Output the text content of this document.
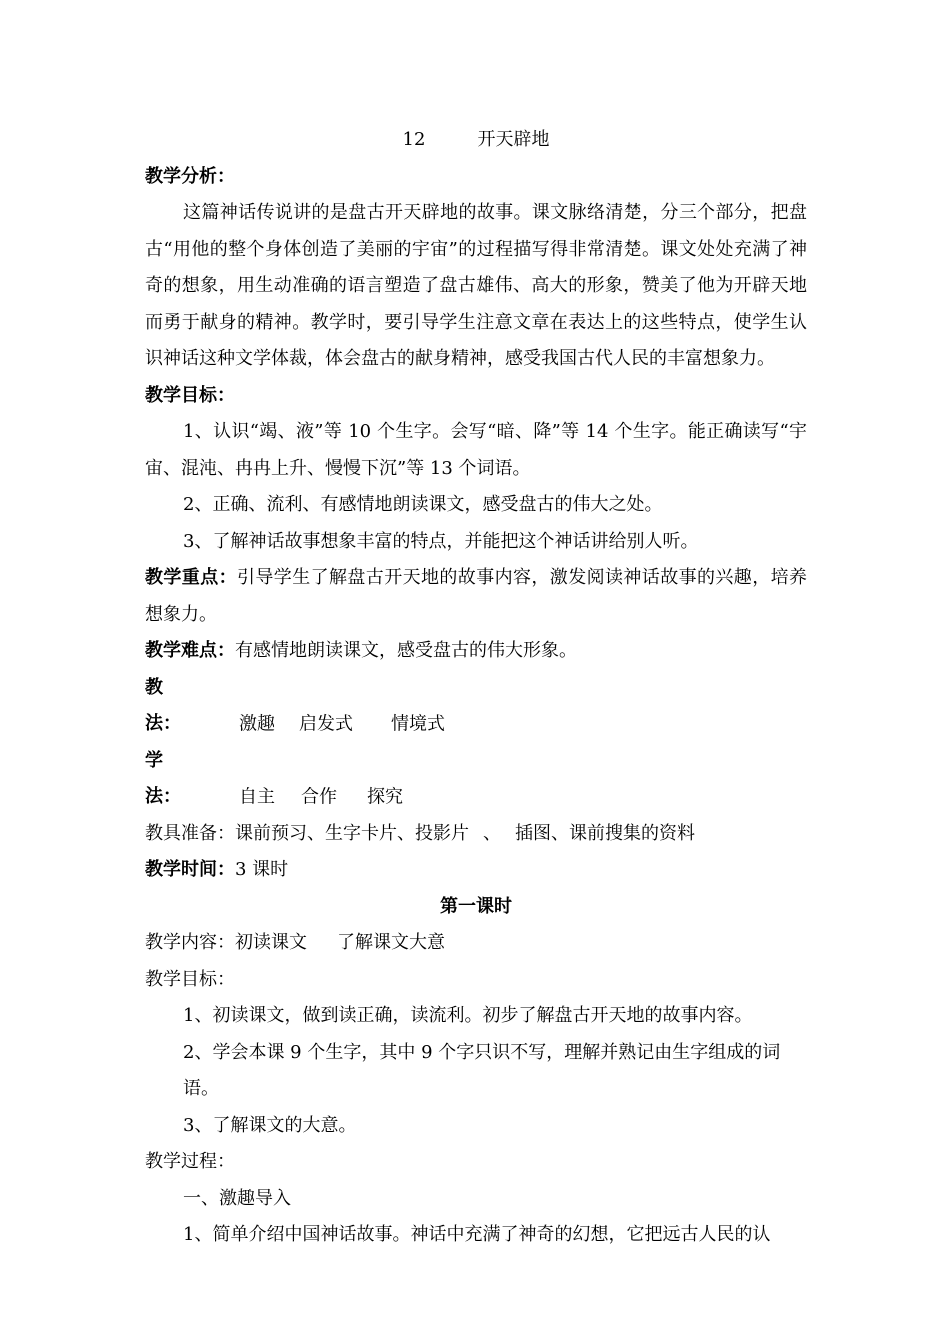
12	开天辟地

教学分析：

这篇神话传说讲的是盘古开天辟地的故事。课文脉络清楚，分三个部分，把盘古“用他的整个身体创造了美丽的宇宙”的过程描写得非常清楚。课文处处充满了神奇的想象，用生动准确的语言塑造了盘古雄伟、高大的形象，赞美了他为开辟天地而勇于献身的精神。教学时，要引导学生注意文章在表达上的这些特点，使学生认识神话这种文学体裁，体会盘古的献身精神，感受我国古代人民的丰富想象力。

教学目标：

1、认识“竭、液”等 10 个生字。会写“暗、降”等 14 个生字。能正确读写“宇宙、混沌、冉冉上升、慢慢下沉”等 13 个词语。

2、正确、流利、有感情地朗读课文，感受盘古的伟大之处。

3、了解神话故事想象丰富的特点，并能把这个神话讲给别人听。

教学重点：引导学生了解盘古开天地的故事内容，激发阅读神话故事的兴趣，培养想象力。

教学难点：有感情地朗读课文，感受盘古的伟大形象。

教法：	激趣 启发式 情境式

学法：	自主 合作 探究

教具准备：课前预习、生字卡片、投影片 、 插图、课前搜集的资料

教学时间：3 课时

第一课时

教学内容：初读课文 了解课文大意

教学目标：

1、初读课文，做到读正确，读流利。初步了解盘古开天地的故事内容。

2、学会本课 9 个生字，其中 9 个字只识不写，理解并熟记由生字组成的词

语。

3、了解课文的大意。

教学过程：

一、激趣导入

1、简单介绍中国神话故事。神话中充满了神奇的幻想，它把远古人民的认
